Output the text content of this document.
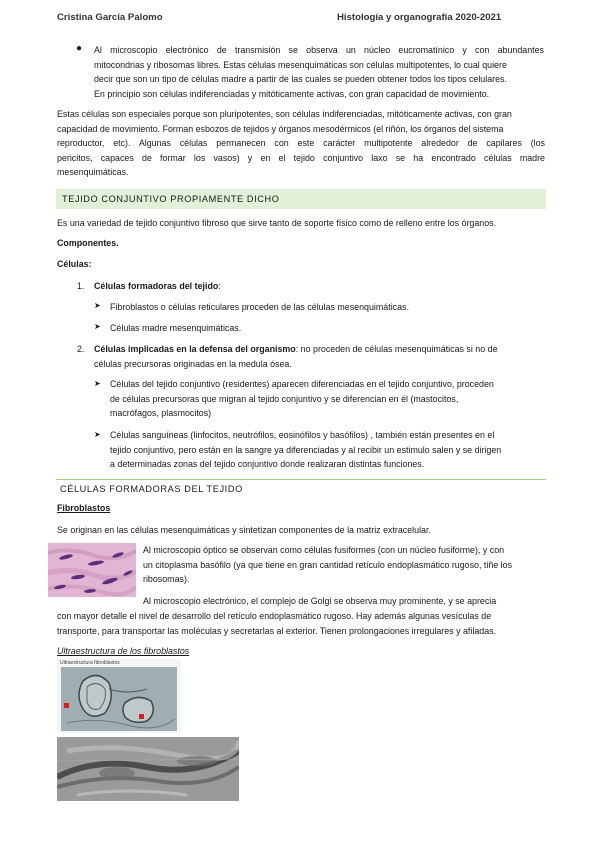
Cristina García Palomo	Histología y organografía 2020-2021
● Al microscopio electrónico de transmisión se observa un núcleo eucromatínico y con abundantes

mitocondrias y ribosomas libres. Estas células mesenquimáticas son células multipotentes, lo cual quiere

decir que son un tipo de células madre a partir de las cuales se pueden obtener todos los tipos celulares.

En principio son células indiferenciadas y mitóticamente activas, con gran capacidad de movimiento.

Estas células son especiales porque son pluripotentes, son células indiferenciadas, mitóticamente activas, con gran

capacidad de movimiento. Forman esbozos de tejidos y órganos mesodérmicos (el riñón, los órganos del sistema

reproductor, etc). Algunas células permanecen con este carácter multipotente alrededor de capilares (los

pericitos, capaces de formar los vasos) y en el tejido conjuntivo laxo se ha encontrado células madre

mesenquimáticas.

TEJIDO CONJUNTIVO PROPIAMENTE DICHO
Es una variedad de tejido conjuntivo fibroso que sirve tanto de soporte físico como de relleno entre los órganos.
Componentes.
Células:
1. Células formadoras del tejido:
➤ Fibroblastos o células reticulares proceden de las células mesenquimáticas.
➤ Células madre mesenquimáticas.
2. Células implicadas en la defensa del organismo: no proceden de células mesenquimáticas si no de

células precursoras originadas en la medula ósea.

➤ Células del tejido conjuntivo (residentes) aparecen diferenciadas en el tejido conjuntivo, proceden

de células precursoras que migran al tejido conjuntivo y se diferencian en él (mastocitos,

macrófagos, plasmocitos)

➤ Células sanguíneas (linfocitos, neutrófilos, eosinófilos y basófilos) , también están presentes en el

tejido conjuntivo, pero están en la sangre ya diferenciadas y al recibir un estimulo salen y se dirigen

a determinadas zonas del tejido conjuntivo donde realizaran distintas funciones.

CÉLULAS FORMADORAS DEL TEJIDO
Fibroblastos
Se originan en las células mesenquimáticas y sintetizan componentes de la matriz extracelular.

Al microscopio óptico se observan como células fusiformes (con un núcleo fusiforme), y con

un citoplasma basófilo (ya que tiene en gran cantidad retículo endoplasmático rugoso, tiñe los

ribosomas).

Al microscopio electrónico, el complejo de Golgi se observa muy prominente, y se aprecia

con mayor detalle el nivel de desarrollo del retículo endoplasmático rugoso. Hay además algunas vesículas de

transporte, para transportar las moléculas y secretarlas al exterior. Tienen prolongaciones irregulares y afiladas.

Ultraestructura de los fibroblastos
Ultraestructura fibroblastos
